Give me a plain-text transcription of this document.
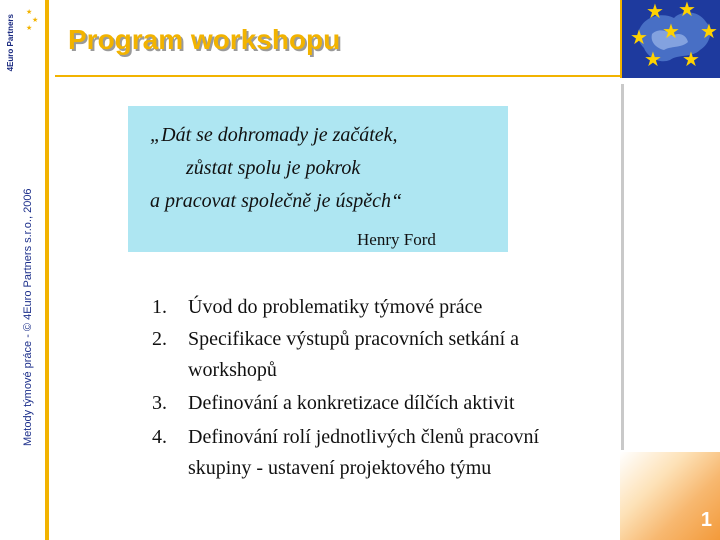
★
★
★
4Euro Partners
Metody týmové práce - © 4Euro Partners s.r.o., 2006
Program workshopu
★ ★
★ ★ ★
★ ★
„Dát se dohromady je začátek,
zůstat spolu je pokrok
a pracovat společně je úspěch“
Henry Ford
1. Úvod do problematiky týmové práce
2. Specifikace výstupů pracovních setkání a
workshopů
3. Definování a konkretizace dílčích aktivit
4. Definování rolí jednotlivých členů pracovní
skupiny - ustavení projektového týmu
1
